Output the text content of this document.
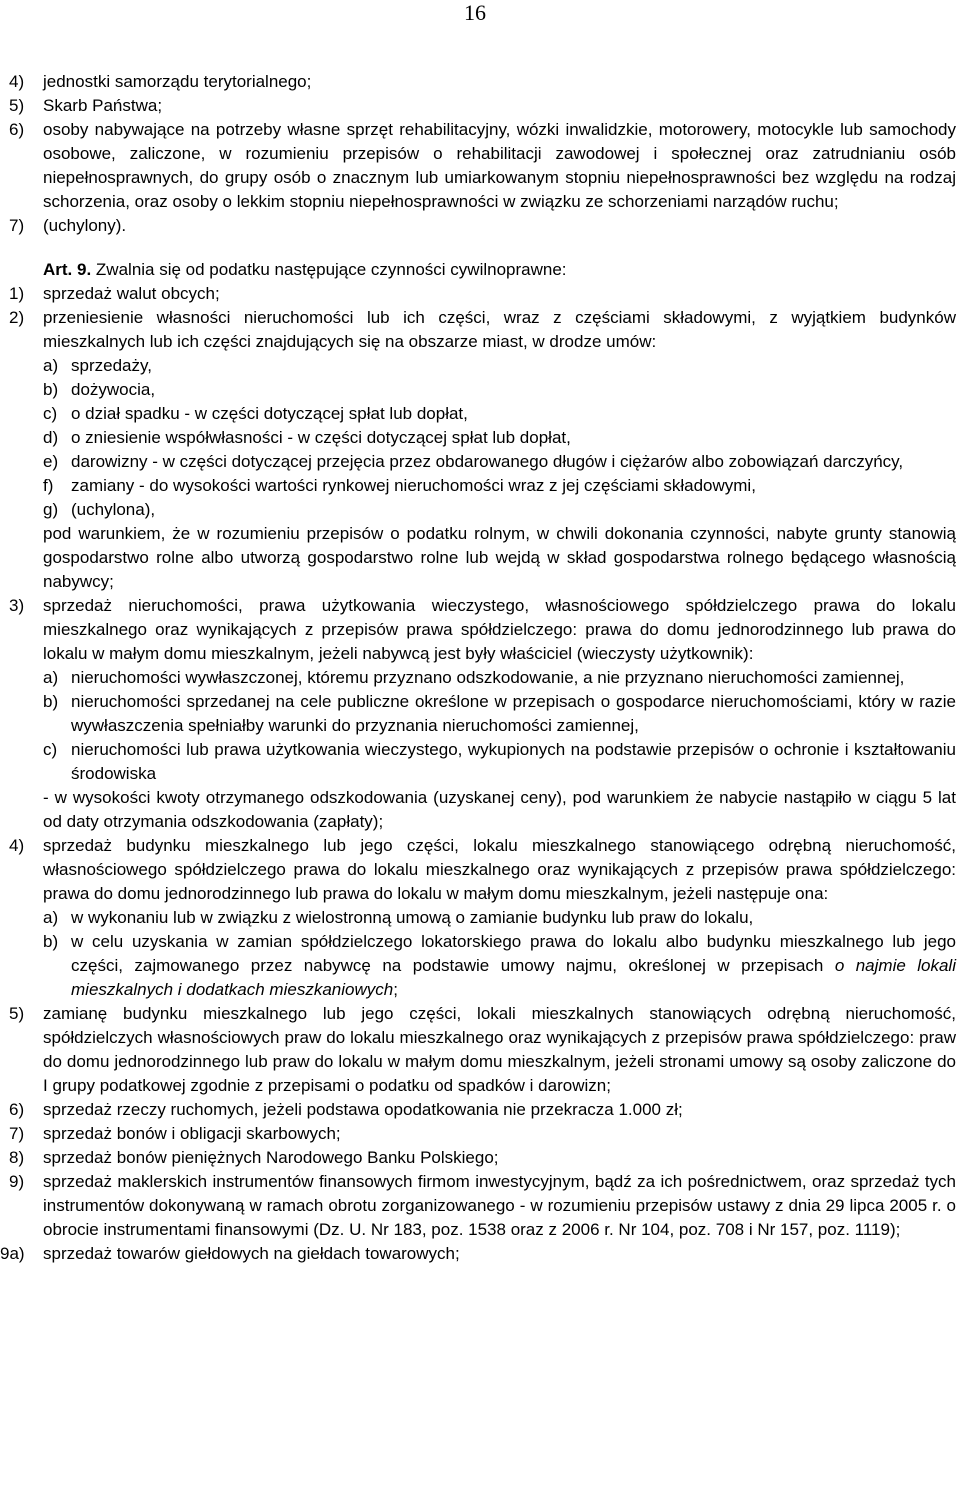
16
4)	jednostki samorządu terytorialnego;
5)	Skarb Państwa;
6)	osoby nabywające na potrzeby własne sprzęt rehabilitacyjny, wózki inwalidzkie, motorowery, motocykle lub samochody osobowe, zaliczone, w rozumieniu przepisów o rehabilitacji zawodowej i społecznej oraz zatrudnianiu osób niepełnosprawnych, do grupy osób o znacznym lub umiarkowanym stopniu niepełnosprawności bez względu na rodzaj schorzenia, oraz osoby o lekkim stopniu niepełnosprawności w związku ze schorzeniami narządów ruchu;
7)	(uchylony).
Art. 9. Zwalnia się od podatku następujące czynności cywilnoprawne:
1)	sprzedaż walut obcych;
2)	przeniesienie własności nieruchomości lub ich części, wraz z częściami składowymi, z wyjątkiem budynków mieszkalnych lub ich części znajdujących się na obszarze miast, w drodze umów:
a) sprzedaży,
b) dożywocia,
c) o dział spadku - w części dotyczącej spłat lub dopłat,
d) o zniesienie współwłasności - w części dotyczącej spłat lub dopłat,
e) darowizny - w części dotyczącej przejęcia przez obdarowanego długów i ciężarów albo zobowiązań darczyńcy,
f)	zamiany - do wysokości wartości rynkowej nieruchomości wraz z jej częściami składowymi,
g) (uchylona),
pod warunkiem, że w rozumieniu przepisów o podatku rolnym, w chwili dokonania czynności, nabyte grunty stanowią gospodarstwo rolne albo utworzą gospodarstwo rolne lub wejdą w skład gospodarstwa rolnego będącego własnością nabywcy;
3)	sprzedaż nieruchomości, prawa użytkowania wieczystego, własnościowego spółdzielczego prawa do lokalu mieszkalnego oraz wynikających z przepisów prawa spółdzielczego: prawa do domu jednorodzinnego lub prawa do lokalu w małym domu mieszkalnym, jeżeli nabywcą jest były właściciel (wieczysty użytkownik):
a) nieruchomości wywłaszczonej, któremu przyznano odszkodowanie, a nie przyznano nieruchomości zamiennej,
b) nieruchomości sprzedanej na cele publiczne określone w przepisach o gospodarce nieruchomościami, który w razie wywłaszczenia spełniałby warunki do przyznania nieruchomości zamiennej,
c) nieruchomości lub prawa użytkowania wieczystego, wykupionych na podstawie przepisów o ochronie i kształtowaniu środowiska
- w wysokości kwoty otrzymanego odszkodowania (uzyskanej ceny), pod warunkiem że nabycie nastąpiło w ciągu 5 lat od daty otrzymania odszkodowania (zapłaty);
4)	sprzedaż budynku mieszkalnego lub jego części, lokalu mieszkalnego stanowiącego odrębną nieruchomość, własnościowego spółdzielczego prawa do lokalu mieszkalnego oraz wynikających z przepisów prawa spółdzielczego: prawa do domu jednorodzinnego lub prawa do lokalu w małym domu mieszkalnym, jeżeli następuje ona:
a) w wykonaniu lub w związku z wielostronną umową o zamianie budynku lub praw do lokalu,
b) w celu uzyskania w zamian spółdzielczego lokatorskiego prawa do lokalu albo budynku mieszkalnego lub jego części, zajmowanego przez nabywcę na podstawie umowy najmu, określonej w przepisach o najmie lokali mieszkalnych i dodatkach mieszkaniowych;
5)	zamianę budynku mieszkalnego lub jego części, lokali mieszkalnych stanowiących odrębną nieruchomość, spółdzielczych własnościowych praw do lokalu mieszkalnego oraz wynikających z przepisów prawa spółdzielczego: praw do domu jednorodzinnego lub praw do lokalu w małym domu mieszkalnym, jeżeli stronami umowy są osoby zaliczone do I grupy podatkowej zgodnie z przepisami o podatku od spadków i darowizn;
6)	sprzedaż rzeczy ruchomych, jeżeli podstawa opodatkowania nie przekracza 1.000 zł;
7)	sprzedaż bonów i obligacji skarbowych;
8)	sprzedaż bonów pieniężnych Narodowego Banku Polskiego;
9)	sprzedaż maklerskich instrumentów finansowych firmom inwestycyjnym, bądź za ich pośrednictwem, oraz sprzedaż tych instrumentów dokonywaną w ramach obrotu zorganizowanego - w rozumieniu przepisów ustawy z dnia 29 lipca 2005 r. o obrocie instrumentami finansowymi (Dz. U. Nr 183, poz. 1538 oraz z 2006 r. Nr 104, poz. 708 i Nr 157, poz. 1119);
9a)	sprzedaż towarów giełdowych na giełdach towarowych;
